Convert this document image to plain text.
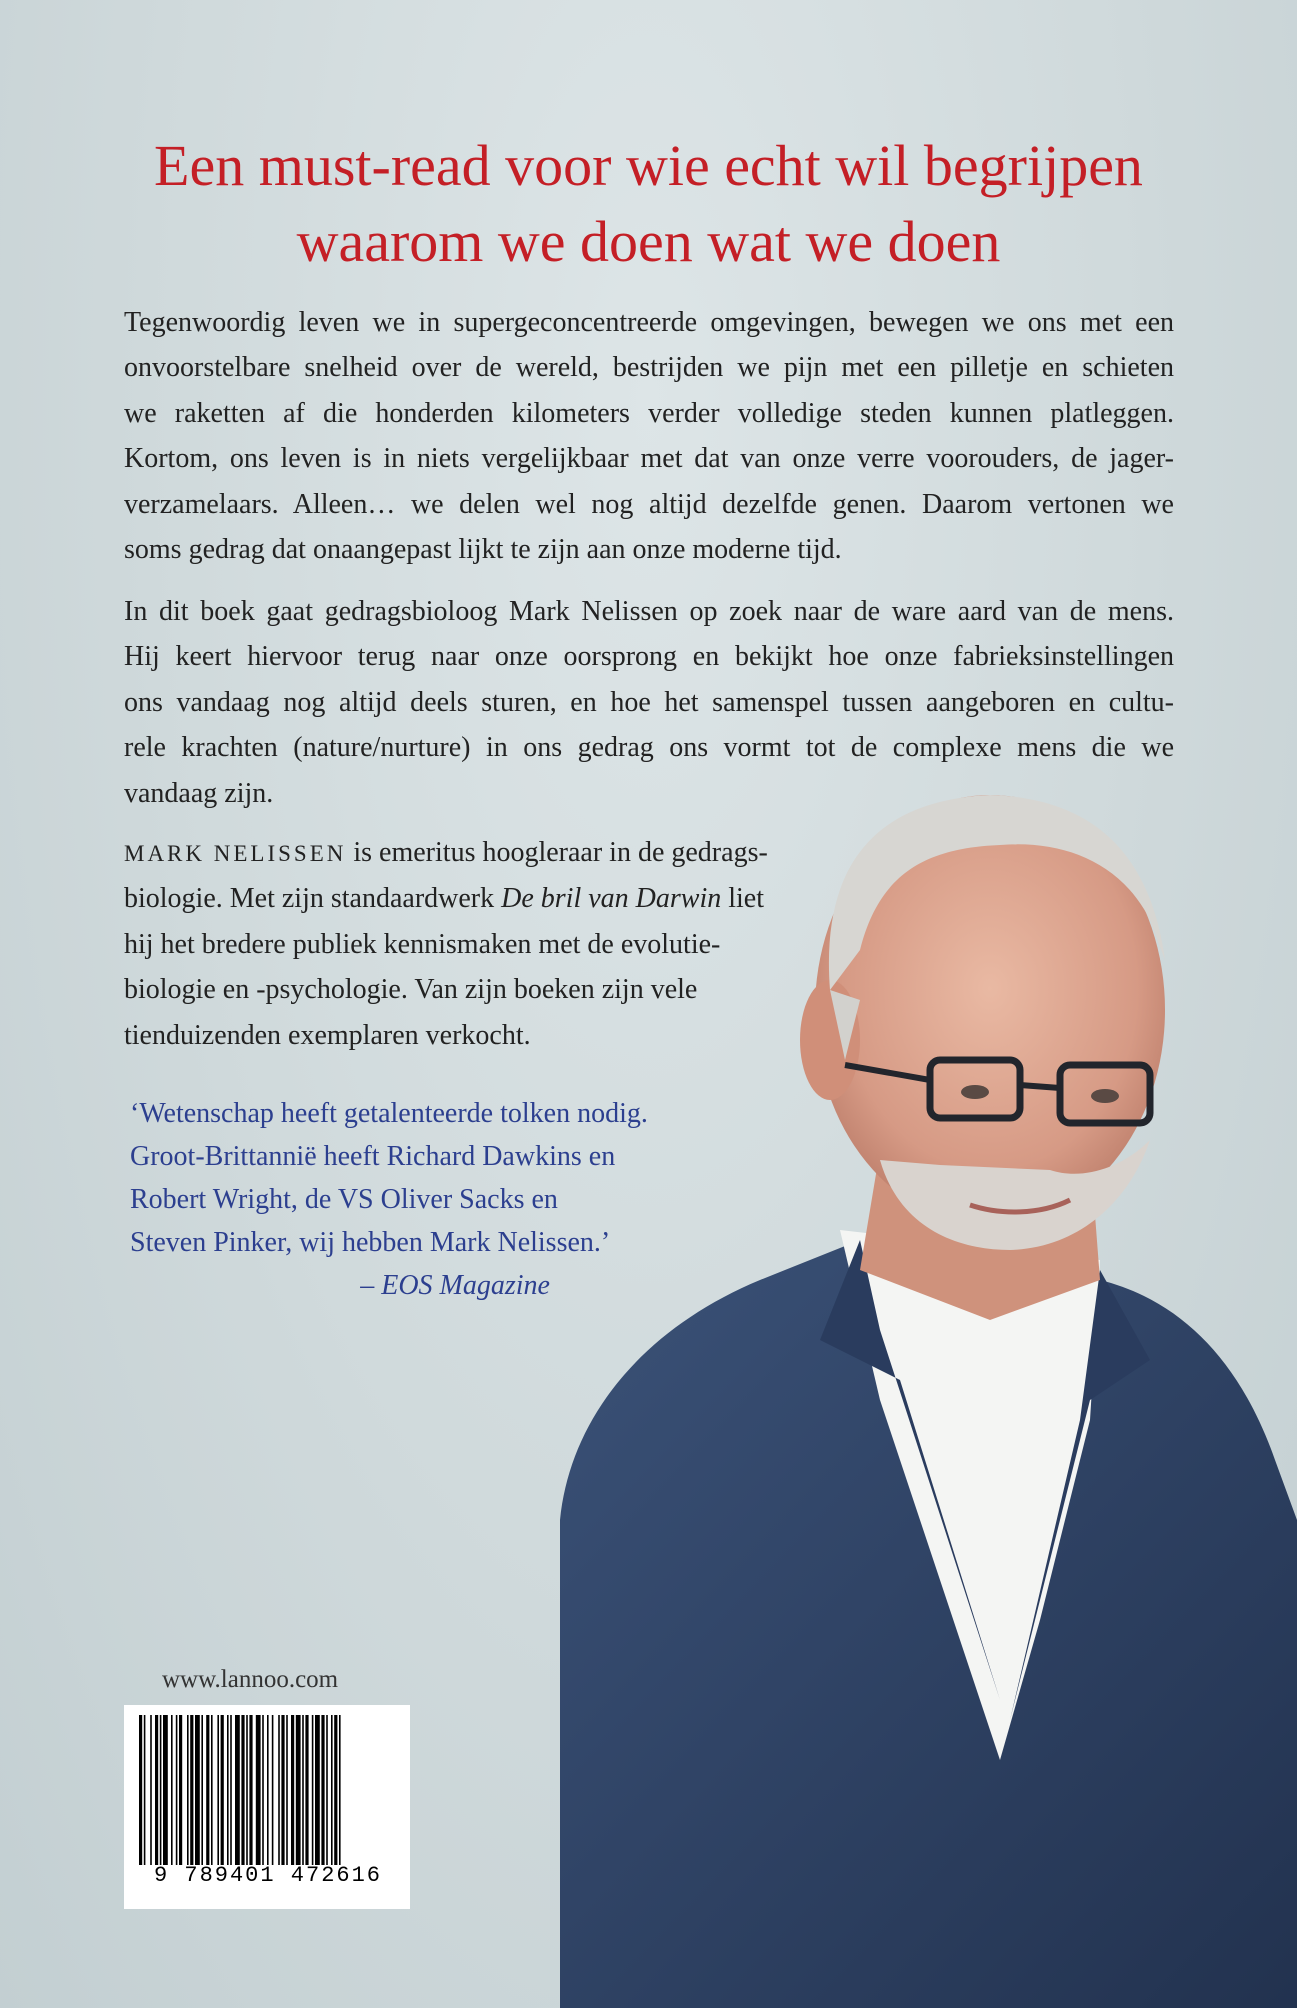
Een must-read voor wie echt wil begrijpen
waarom we doen wat we doen
Tegenwoordig leven we in supergeconcentreerde omgevingen, bewegen we ons met een
onvoorstelbare snelheid over de wereld, bestrijden we pijn met een pilletje en schieten
we raketten af die honderden kilometers verder volledige steden kunnen platleggen.
Kortom, ons leven is in niets vergelijkbaar met dat van onze verre voorouders, de jager-
verzamelaars. Alleen… we delen wel nog altijd dezelfde genen. Daarom vertonen we
soms gedrag dat onaangepast lijkt te zijn aan onze moderne tijd.
In dit boek gaat gedragsbioloog Mark Nelissen op zoek naar de ware aard van de mens.
Hij keert hiervoor terug naar onze oorsprong en bekijkt hoe onze fabrieksinstellingen
ons vandaag nog altijd deels sturen, en hoe het samenspel tussen aangeboren en cultu-
rele krachten (nature/nurture) in ons gedrag ons vormt tot de complexe mens die we
vandaag zijn.
MARK NELISSEN is emeritus hoogleraar in de gedrags-
biologie. Met zijn standaardwerk De bril van Darwin liet
hij het bredere publiek kennismaken met de evolutie-
biologie en -psychologie. Van zijn boeken zijn vele
tienduizenden exemplaren verkocht.
‘Wetenschap heeft getalenteerde tolken nodig.
Groot-Brittannië heeft Richard Dawkins en
Robert Wright, de VS Oliver Sacks en
Steven Pinker, wij hebben Mark Nelissen.’
– EOS Magazine
www.lannoo.com
9 789401 472616
